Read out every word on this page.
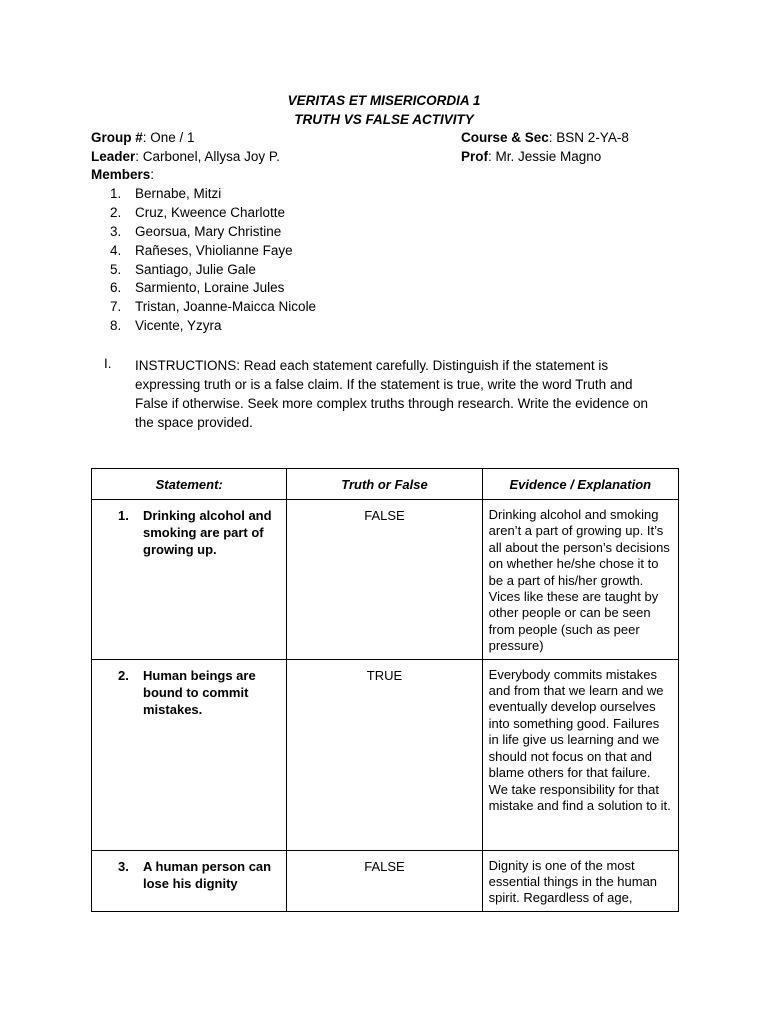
VERITAS ET MISERICORDIA 1
TRUTH VS FALSE ACTIVITY
Group #: One / 1	Course & Sec: BSN 2-YA-8
Leader: Carbonel, Allysa Joy P.	Prof: Mr. Jessie Magno
Members:
1. Bernabe, Mitzi
2. Cruz, Kweence Charlotte
3. Georsua, Mary Christine
4. Rañeses, Vhiolianne Faye
5. Santiago, Julie Gale
6. Sarmiento, Loraine Jules
7. Tristan, Joanne-Maicca Nicole
8. Vicente, Yzyra
I. INSTRUCTIONS: Read each statement carefully. Distinguish if the statement is expressing truth or is a false claim. If the statement is true, write the word Truth and False if otherwise. Seek more complex truths through research. Write the evidence on the space provided.
Statement:	Truth or False	Evidence / Explanation

1. Drinking alcohol and smoking are part of growing up.	FALSE	Drinking alcohol and smoking aren’t a part of growing up. It’s all about the person’s decisions on whether he/she chose it to be a part of his/her growth. Vices like these are taught by other people or can be seen from people (such as peer pressure)

2. Human beings are bound to commit mistakes.	TRUE	Everybody commits mistakes and from that we learn and we eventually develop ourselves into something good. Failures in life give us learning and we should not focus on that and blame others for that failure. We take responsibility for that mistake and find a solution to it.

3. A human person can lose his dignity	FALSE	Dignity is one of the most essential things in the human spirit. Regardless of age,
